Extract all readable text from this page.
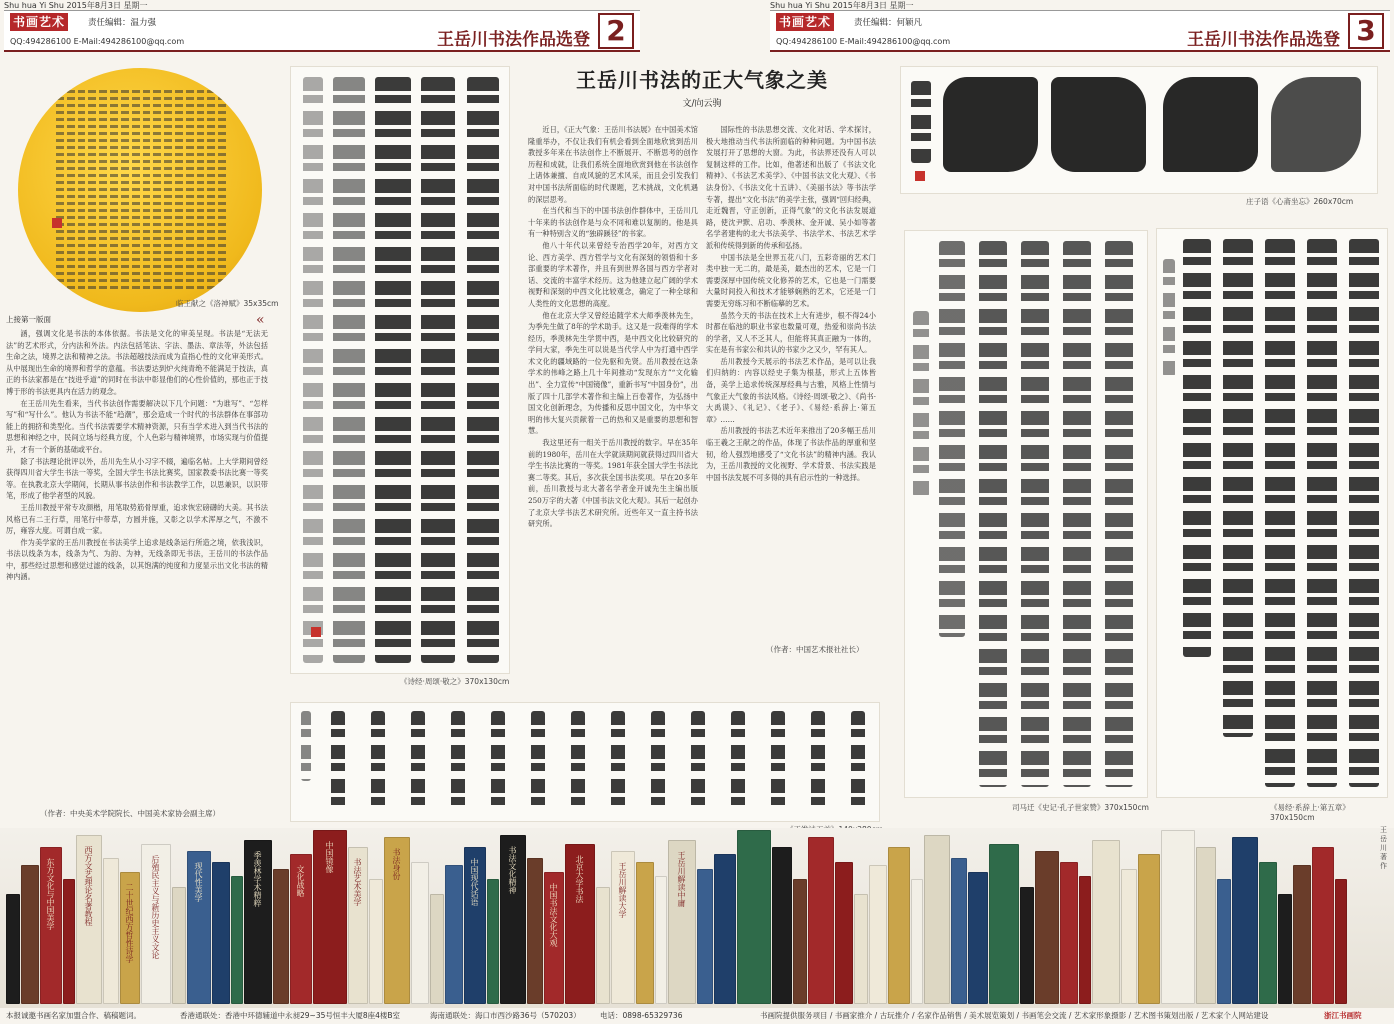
Shu hua Yi Shu 2015年8月3日 星期一	Shu hua Yi Shu 2015年8月3日 星期一
书画艺术	责任编辑：温力强
QQ:494286100 E-Mail:494286100@qq.com	王岳川书法作品选登 2	书画艺术	责任编辑：何颖凡
QQ:494286100 E-Mail:494286100@qq.com	王岳川书法作品选登 3
临王献之《洛神赋》35x35cm
上接第一版面	«

涵，强调文化是书法的本体依据。书法是文化的审美呈现。书法是“无法无法”的艺术形式，分内法和外法。内法包括笔法、字法、墨法、章法等，外法包括生命之法，境界之法和精神之法。书法超越技法而成为直指心性的文化审美形式。从中展现出生命的境界和哲学的意蕴。书法要达到炉火纯青绝不能满足于技法，真正的书法家都是在“技进乎道”的同时在书法中彰显他们的心性价值的，那也正于技博于形的书法更具内在活力的观念。

在王岳川先生看来，当代书法创作需要解决以下几个问题：“为谁写”、“怎样写”和“写什么”。他认为书法不能“趋潮”，那会造成一个时代的书法群体在事部功能上的拥挤和类型化。当代书法需要学术精神资源，只有当学术进入到当代书法的思想和神经之中，民间立场与经典方度，个人色彩与精神境界，市场实现与价值提升，才有一个新的基础或平台。

除了书法理论批评以外，岳川先生从小习字不辍，遍临名帖。上大学期间曾经获得四川省大学生书法一等奖，全国大学生书法比赛奖，国家教委书法比赛一等奖等。在执教北京大学期间，长期从事书法创作和书法教学工作，以思兼识，以识带笔，形成了他学者型的风貌。

王岳川教授平常专攻颜楷，用笔取势筋骨厚重，追求恢宏磅礴的大美。其书法风格已有二王行草，用笔行中带草，方圆并施，又彰之以学术浑厚之气，不激不厉，雍容大度。可谓自成一家。

作为美学家的王岳川教授在书法美学上追求是线条运行所造之境，依我浅识，书法以线条为本，线条为气、为韵、为神，无线条即无书法，王岳川的书法作品中，那些经过思想和感觉过滤的线条，以其饱满的纯度和力度显示出文化书法的精神内涵。

（作者：中央美术学院院长、中国美术家协会副主席）
《诗经·周颂·敬之》370x130cm
王岳川书法的正大气象之美
文/向云驹

近日，《正大气象：王岳川书法展》在中国美术馆隆重举办，不仅让我们有机会看到全面地欣赏到岳川教授多年来在书法创作上不断展开、不断思考的创作历程和成就，让我们系统全面地欣赏到他在书法创作上诸体兼擅、自成风貌的艺术风采，而且会引发我们对中国书法所面临的时代课题，艺术挑战，文化机遇的深层思考。

在当代和当下的中国书法创作群体中，王岳川几十年来的书法创作是与众不同和难以复制的。他是具有一种特别含义的“独辟蹊径”的书家。

他八十年代以来曾经专治西学20年，对西方文论、西方美学、西方哲学与文化有深刻的领悟和十多部重要的学术著作，并且有到世界各国与西方学者对话、交流的丰富学术经历。这为他建立起广阔的学术视野和深刻的中西文化比较观念，确定了一种全球和人类性的文化思想的高度。

他在北京大学又曾经追随学术大师季羡林先生，为季先生做了8年的学术助手。这又是一段难得的学术经历，季羡林先生学贯中西，是中西文化比较研究的学问大家，季先生可以说是当代学人中为打通中西学术文化的疆域路的一位先驱和先贤。岳川教授在这条学术的伟峰之路上几十年间推动“发现东方”“文化输出”、全力宣传“中国镜像”，重新书写“中国身份”，出版了四十几部学术著作和主编上百卷著作，为弘扬中国文化创新理念，为传播和反思中国文化，为中华文明的伟大复兴贡献着一己的热和又是重要的思想和智慧。

我这里还有一组关于岳川教授的数字。早在35年前的1980年，岳川在大学就读期间就获得过四川省大学生书法比赛的一等奖。1981年获全国大学生书法比赛二等奖。其后，多次获全国书法奖项。早在20多年前，岳川教授与北大著名学者金开诚先生主编出版250万字的大著《中国书法文化大观》。其后一起创办了北京大学书法艺术研究所。近些年又一直主持书法研究所。

国际性的书法思想交流、文化对话、学术探讨，极大地推动当代书法所面临的种种问题。为中国书法发展打开了思想的大窗。为此，书法界还没有人可以复制这样的工作。比如，他著述和出版了《书法文化精神》、《书法艺术美学》、《中国书法文化大观》、《书法身份》、《书法文化十五讲》、《美丽书法》等书法学专著，提出“文化书法”的美学主张，强调“回归经典，走近魏晋，守正创新，正得气象”的文化书法发展道路，使沈尹默、启功、季羡林、金开诚、吴小如等著名学者建构的北大书法美学、书法学术、书法艺术学派和传统得到新的传承和弘扬。

中国书法是全世界五花八门，五彩奇丽的艺术门类中独一无二的，最是美，最杰出的艺术，它是一门需要深厚中国传统文化修养的艺术，它也是一门需要大量时间投入和技术才能够娴熟的艺术，它还是一门需要无穷练习和不断临摹的艺术。

虽然今天的书法在技术上大有进步，根不得24小时都在临池的职业书家也数量可观，热爱和崇尚书法的学者，又人不乏其人，但能将其真正融为一体的，实在是有书家公和共认的书家少之又少，罕有其人。

岳川教授今天展示的书法艺术作品，是可以让我们归纳的：内容以经史子集为根基，形式上五体皆备，美学上追求传统深厚经典与古雅，风格上性情与气象正大气象的书法风格。《诗经·周颂·敬之》、《尚书·大禹谟》、《礼记》、《老子》、《易经·系辞上·第五章》……

岳川教授的书法艺术近年来推出了20多幅王岳川临王羲之王献之的作品，体现了书法作品的厚重和坚韧，给人强烈地感受了“文化书法”的精神内涵。我认为，王岳川教授的文化视野、学术背景、书法实践是中国书法发展不可多得的具有启示性的一种选择。

（作者：中国艺术报社社长）
庄子语《心斋坐忘》260x70cm
司马迁《史记·孔子世家赞》370x150cm	《易经·系辞上·第五章》370x150cm
东方文化与中国美学	西方文艺理论名著教程	二十世纪西方哲性诗学	后殖民主义与新历史主义文论	现代性美学	季羡林学术精粹	文化战略
中国镜像
书法艺术美学	书法身份	中国现代话语	书法文化精神
中国书法文化大观
北京大学书法	王岳川解读大学	王岳川解读中庸
王岳川著作
本报诚邀书画名家加盟合作、稿稿题词。	香港通联处：香港中环德辅道中永昶29~35号恒丰大厦8座4楼B室	海南通联处：海口市西沙路36号（570203）	电话：0898-65329736	书画院提供服务项目 / 书画家推介 / 古玩推介 / 名家作品销售 / 美术展览策划 / 书画笔会交流 / 艺术家形象摄影 / 艺术图书策划出版 / 艺术家个人网站建设	浙江书画院
